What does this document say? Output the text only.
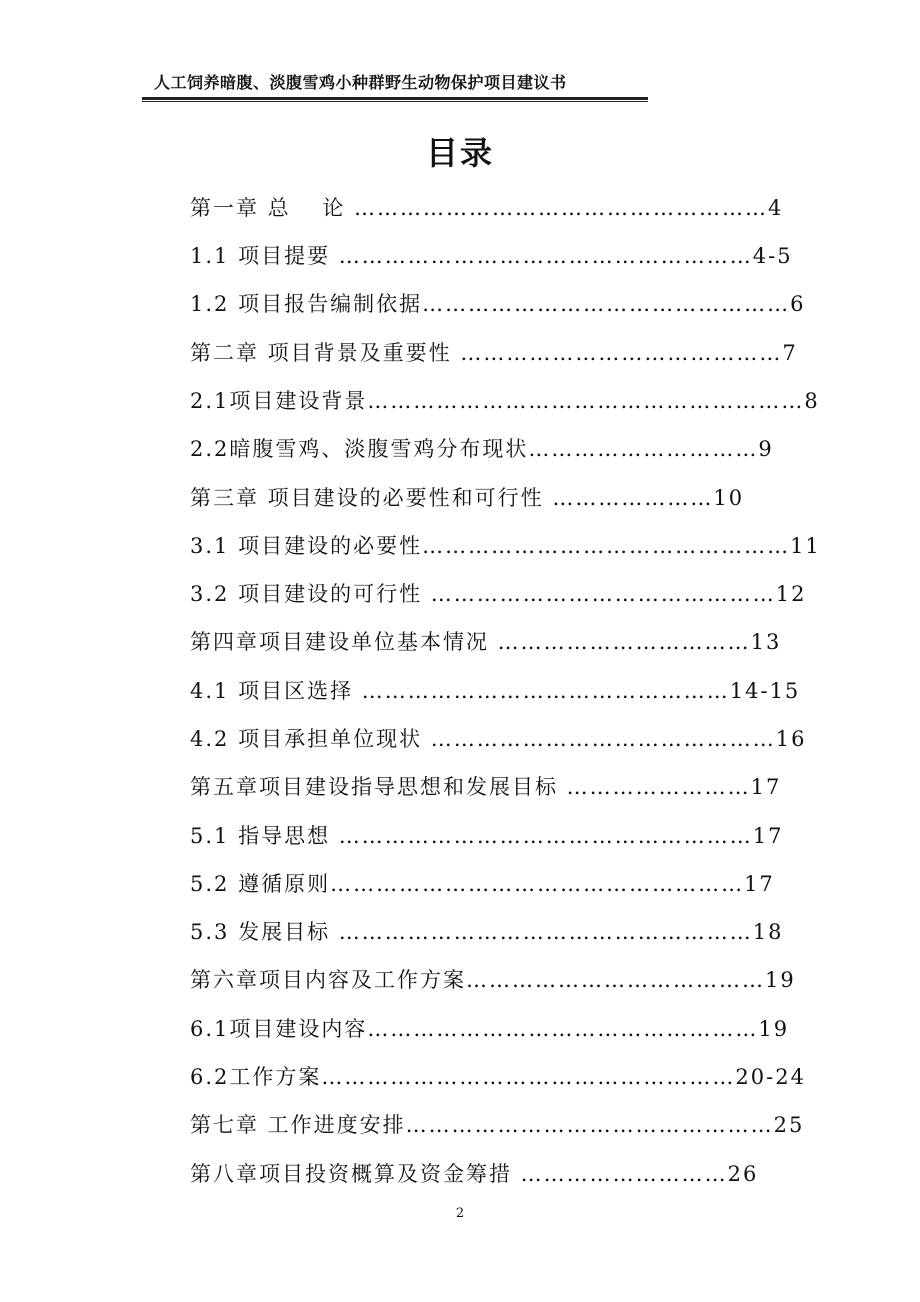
人工饲养暗腹、淡腹雪鸡小种群野生动物保护项目建议书
目录
第一章 总　 论 ………………………………………………4
1.1 项目提要 ………………………………………………4-5
1.2 项目报告编制依据…………………………………………6
第二章 项目背景及重要性 ……………………………………7
2.1项目建设背景…………………………………………………8
2.2暗腹雪鸡、淡腹雪鸡分布现状…………………………9
第三章 项目建设的必要性和可行性 …………………10
3.1 项目建设的必要性…………………………………………11
3.2 项目建设的可行性 ………………………………………12
第四章项目建设单位基本情况 ……………………………13
4.1 项目区选择 …………………………………………14-15
4.2 项目承担单位现状 ………………………………………16
第五章项目建设指导思想和发展目标 ……………………17
5.1 指导思想 ………………………………………………17
5.2 遵循原则………………………………………………17
5.3 发展目标 ………………………………………………18
第六章项目内容及工作方案…………………………………19
6.1项目建设内容……………………………………………19
6.2工作方案………………………………………………20-24
第七章 工作进度安排…………………………………………25
第八章项目投资概算及资金筹措 ………………………26
2
